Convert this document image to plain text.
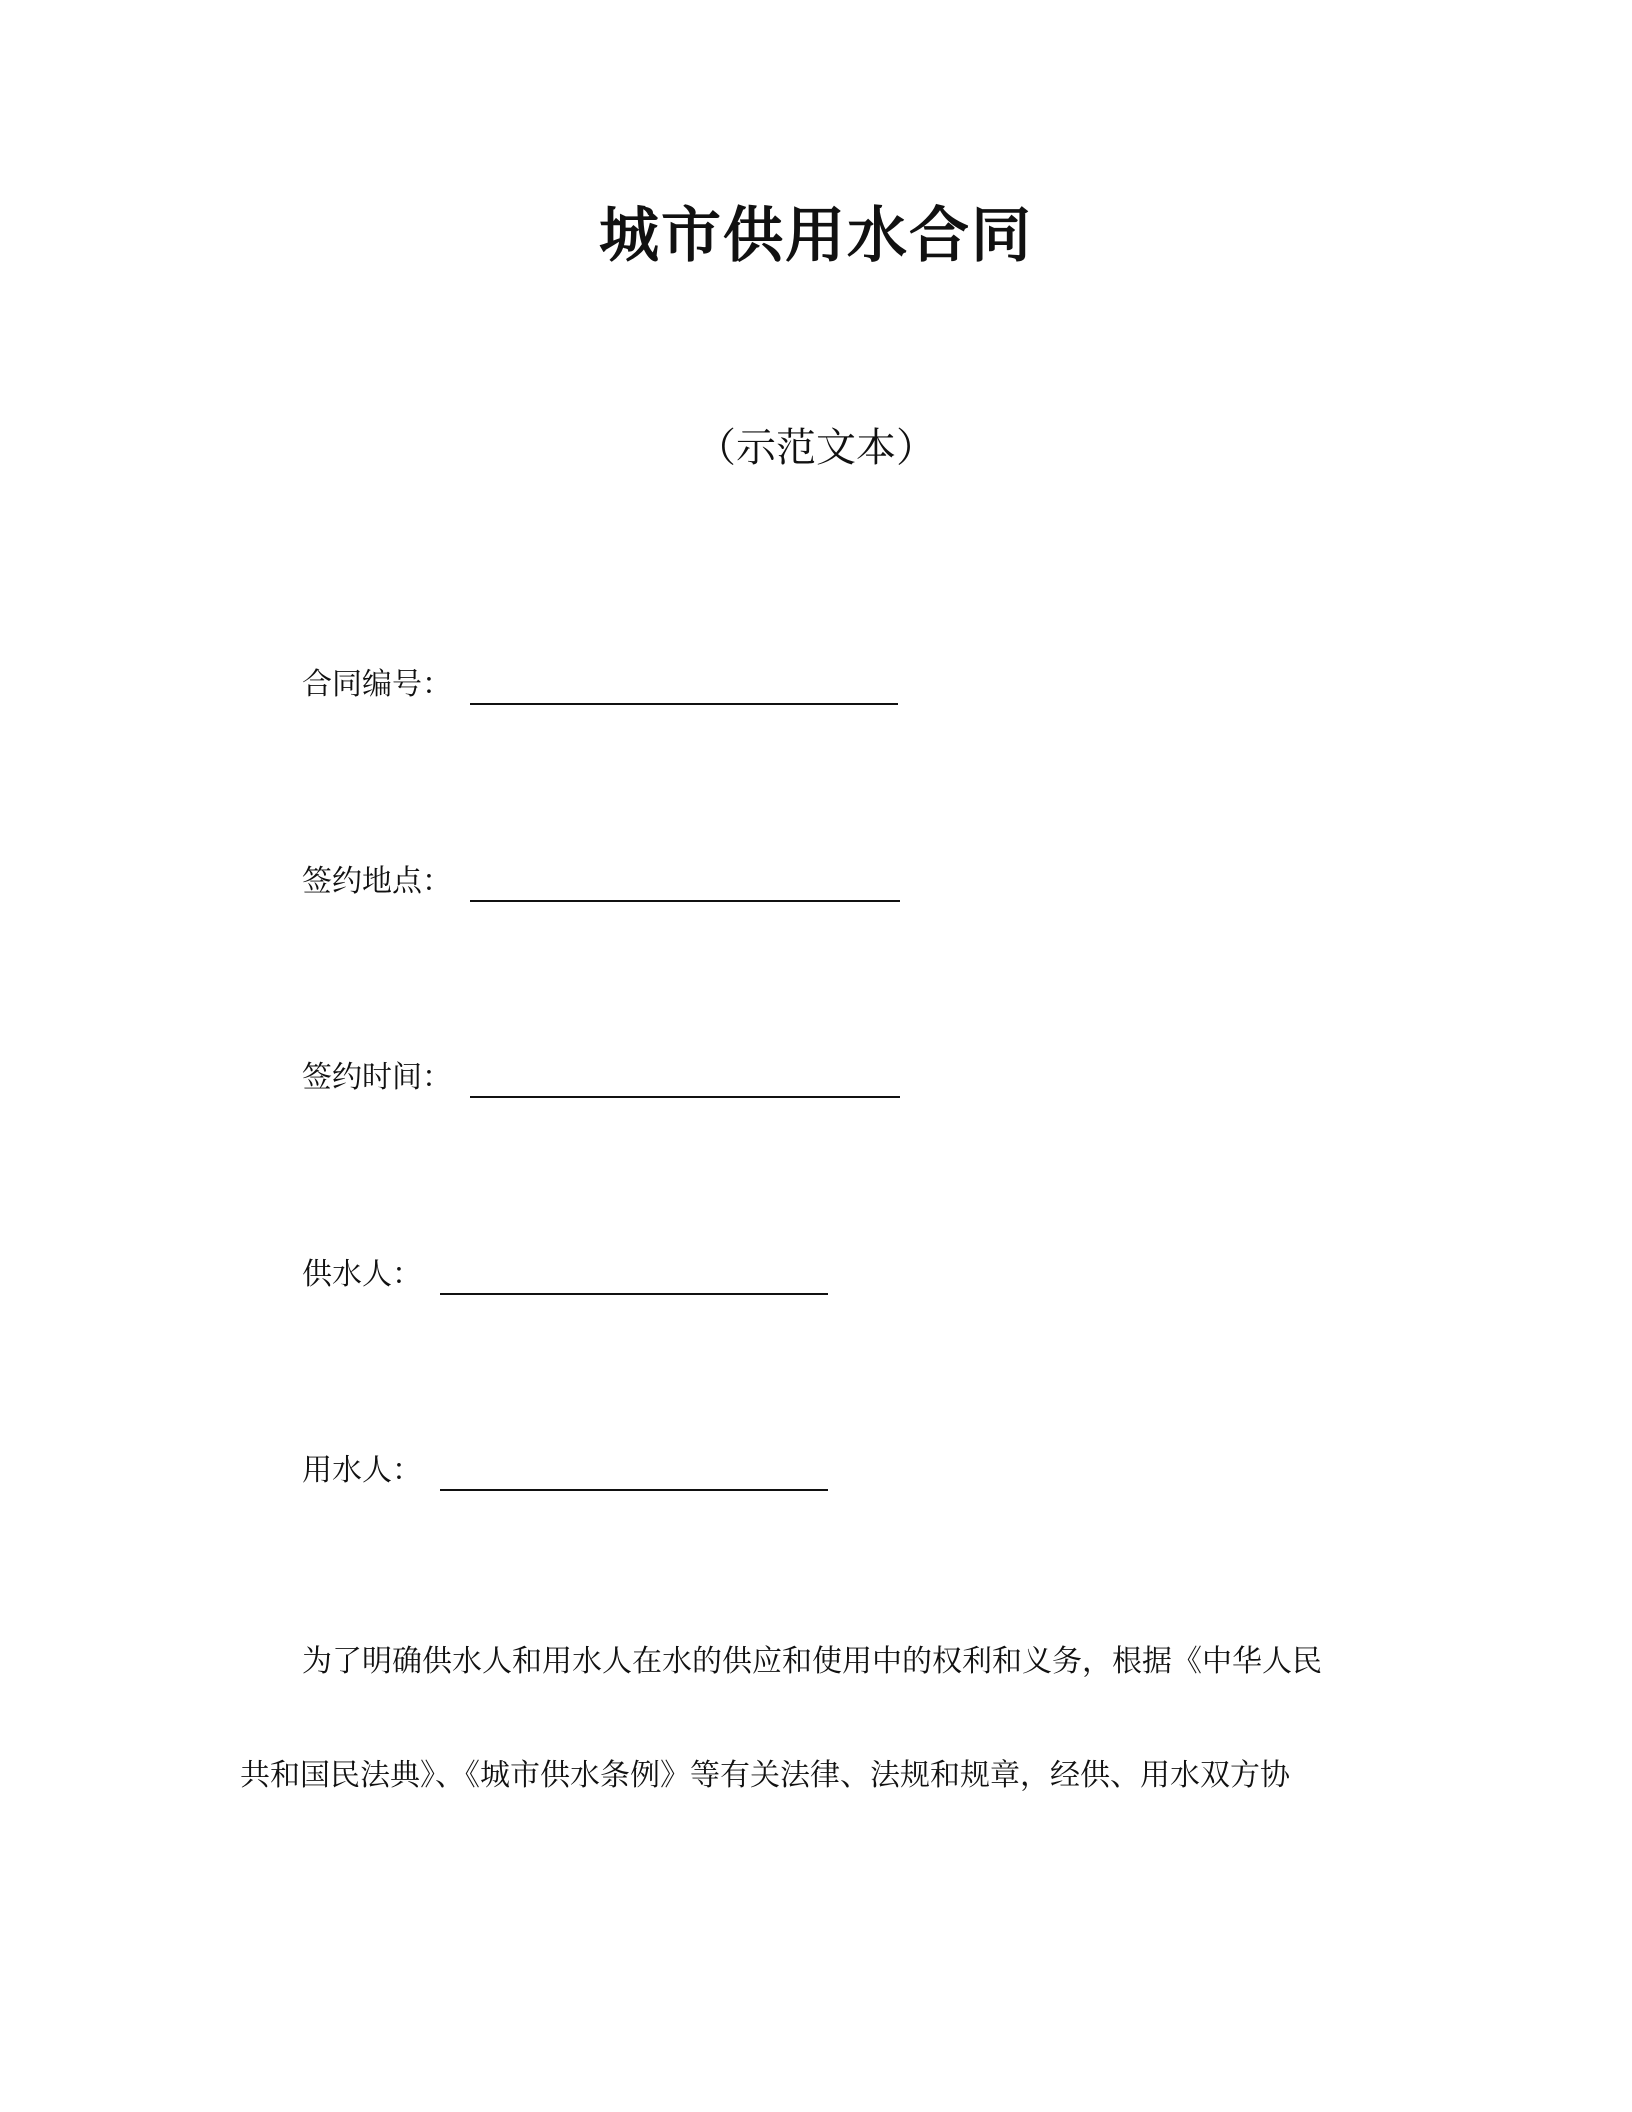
城市供用水合同
（示范文本）
合同编号：
签约地点：
签约时间：
供水人：
用水人：
为了明确供水人和用水人在水的供应和使用中的权利和义务，根据《中华人民
共和国民法典》、《城市供水条例》等有关法律、法规和规章，经供、用水双方协
